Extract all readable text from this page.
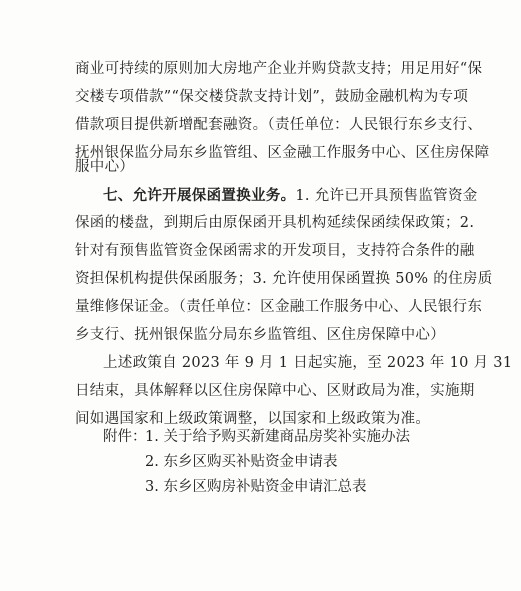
商业可持续的原则加大房地产企业并购贷款支持；用足用好“保
交楼专项借款”“保交楼贷款支持计划”，鼓励金融机构为专项
借款项目提供新增配套融资。（责任单位：人民银行东乡支行、
抚州银保监分局东乡监管组、区金融工作服务中心、区住房保障
服中心）
七、允许开展保函置换业务。1. 允许已开具预售监管资金
保函的楼盘，到期后由原保函开具机构延续保函续保政策；2.
针对有预售监管资金保函需求的开发项目，支持符合条件的融
资担保机构提供保函服务；3. 允许使用保函置换 50% 的住房质
量维修保证金。（责任单位：区金融工作服务中心、人民银行东
乡支行、抚州银保监分局东乡监管组、区住房保障中心）
上述政策自 2023 年 9 月 1 日起实施，至 2023 年 10 月 31
日结束，具体解释以区住房保障中心、区财政局为准，实施期
间如遇国家和上级政策调整，以国家和上级政策为准。
附件：
1. 关于给予购买新建商品房奖补实施办法
2. 东乡区购买补贴资金申请表
3. 东乡区购房补贴资金申请汇总表
